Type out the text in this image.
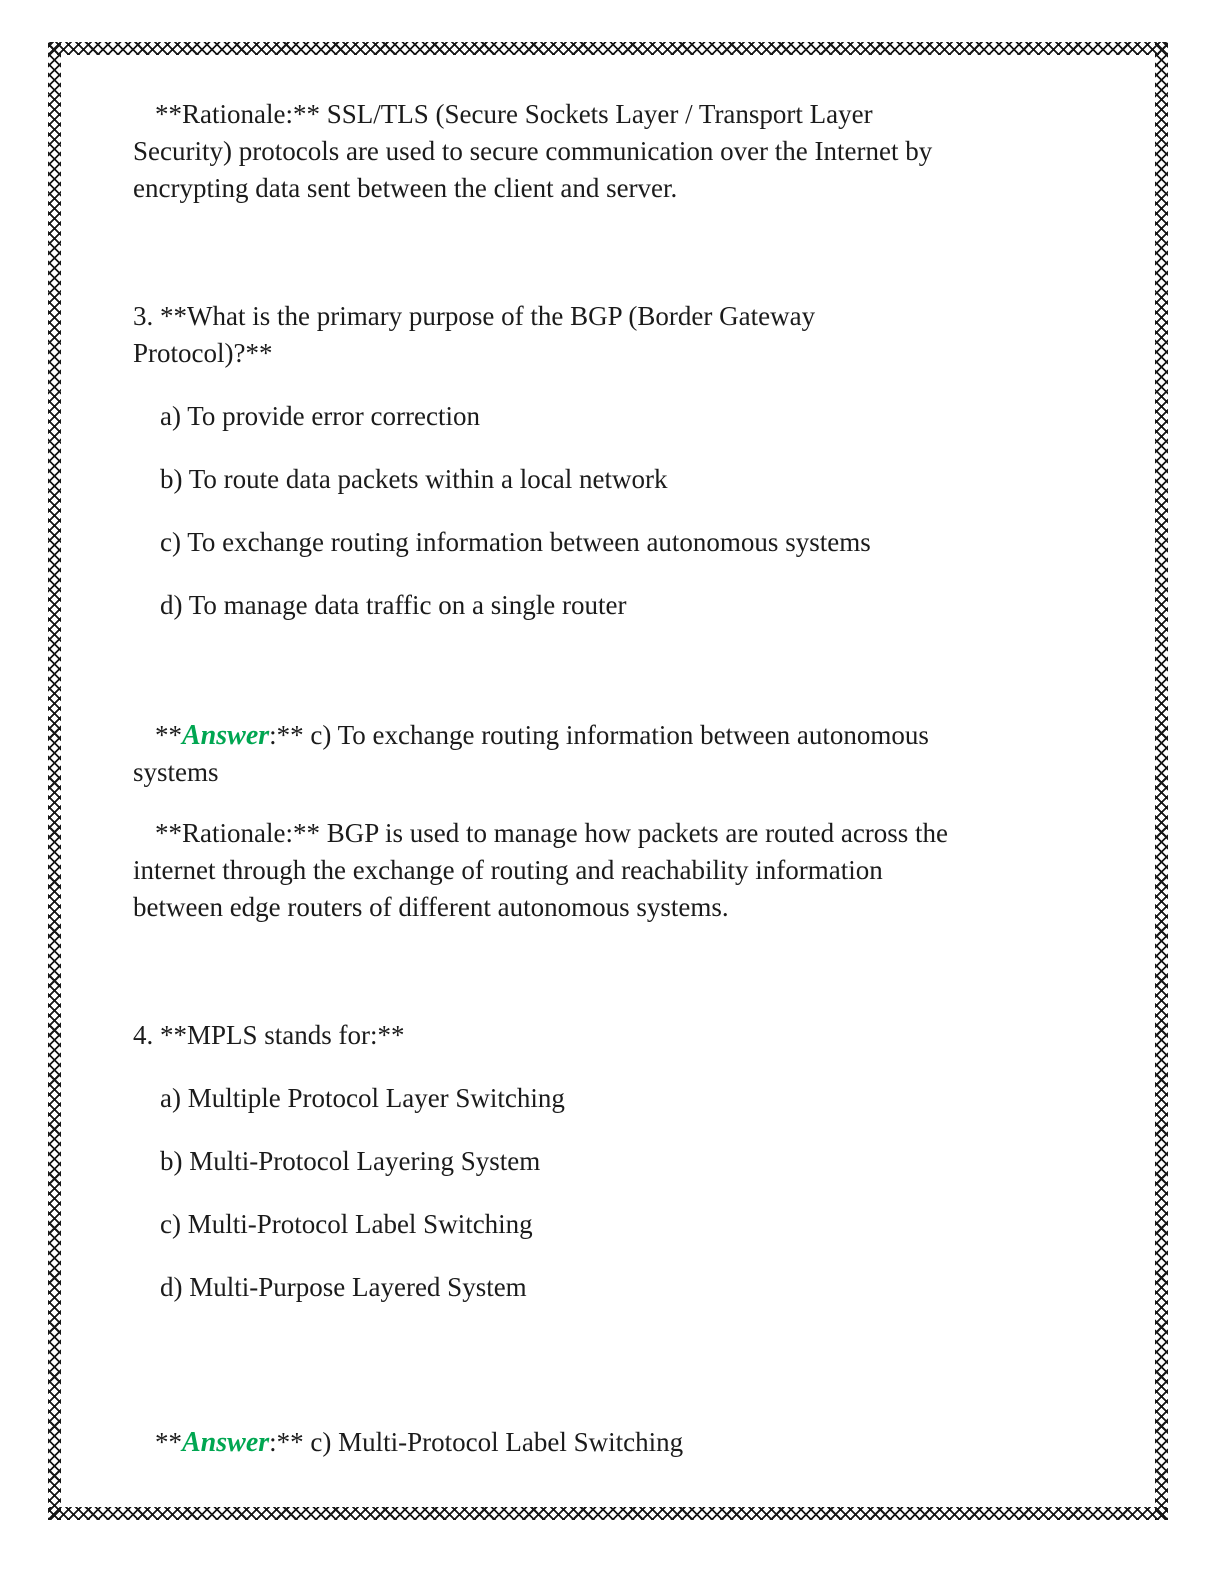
**Rationale:** SSL/TLS (Secure Sockets Layer / Transport Layer
Security) protocols are used to secure communication over the Internet by
encrypting data sent between the client and server.
3. **What is the primary purpose of the BGP (Border Gateway
Protocol)?**
a) To provide error correction
b) To route data packets within a local network
c) To exchange routing information between autonomous systems
d) To manage data traffic on a single router
**Answer:** c) To exchange routing information between autonomous
systems
**Rationale:** BGP is used to manage how packets are routed across the
internet through the exchange of routing and reachability information
between edge routers of different autonomous systems.
4. **MPLS stands for:**
a) Multiple Protocol Layer Switching
b) Multi-Protocol Layering System
c) Multi-Protocol Label Switching
d) Multi-Purpose Layered System
**Answer:** c) Multi-Protocol Label Switching
